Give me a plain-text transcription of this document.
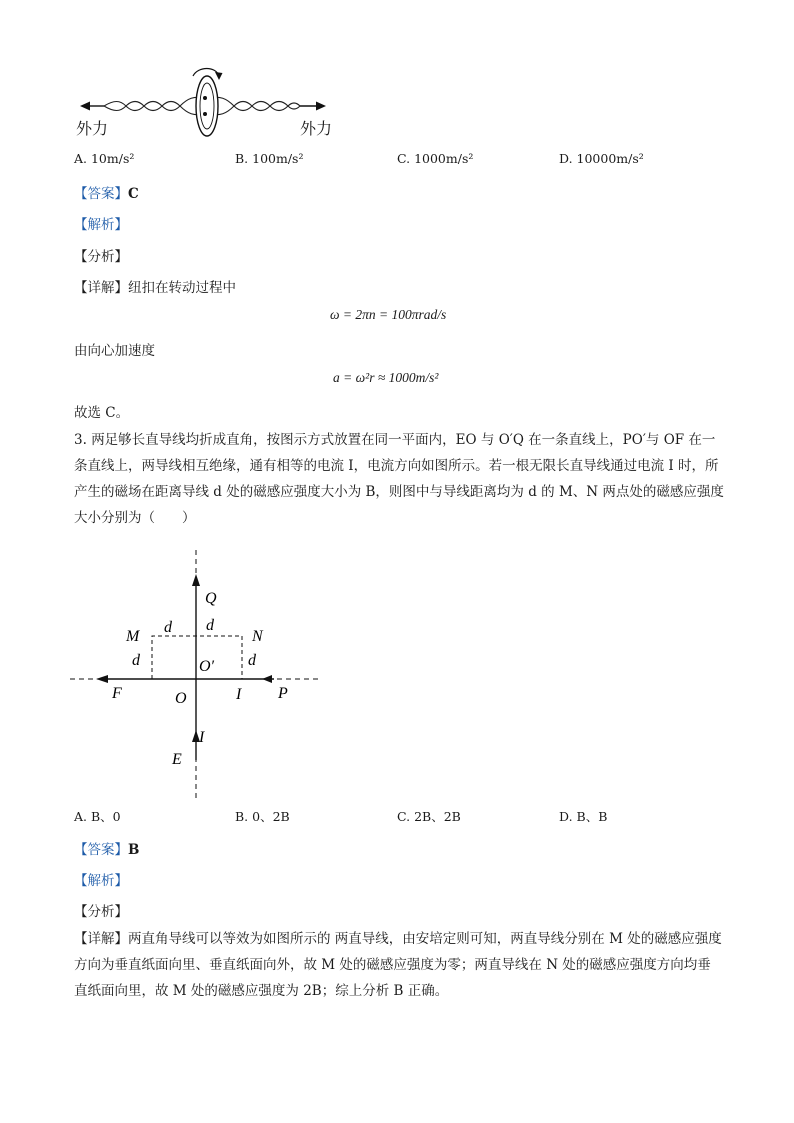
外力	外力
A. 10m/s²	B. 100m/s²	C. 1000m/s²	D. 10000m/s²
【答案】C
【解析】
【分析】
【详解】纽扣在转动过程中
ω = 2πn = 100πrad/s
由向心加速度
a = ω²r ≈ 1000m/s²
故选 C。
3. 两足够长直导线均折成直角，按图示方式放置在同一平面内，EO 与 O′Q 在一条直线上，PO′与 OF 在一条直线上，两导线相互绝缘，通有相等的电流 I，电流方向如图所示。若一根无限长直导线通过电流 I 时，所产生的磁场在距离导线 d 处的磁感应强度大小为 B，则图中与导线距离均为 d 的 M、N 两点处的磁感应强度大小分别为（　　）
Q
M	N
d d
d	d
O′
F	O	I P
I
E
A. B、0	B. 0、2B	C. 2B、2B	D. B、B
【答案】B
【解析】
【分析】
【详解】两直角导线可以等效为如图所示的 两直导线，由安培定则可知，两直导线分别在 M 处的磁感应强度方向为垂直纸面向里、垂直纸面向外，故 M 处的磁感应强度为零；两直导线在 N 处的磁感应强度方向均垂直纸面向里，故 M 处的磁感应强度为 2B；综上分析 B 正确。
